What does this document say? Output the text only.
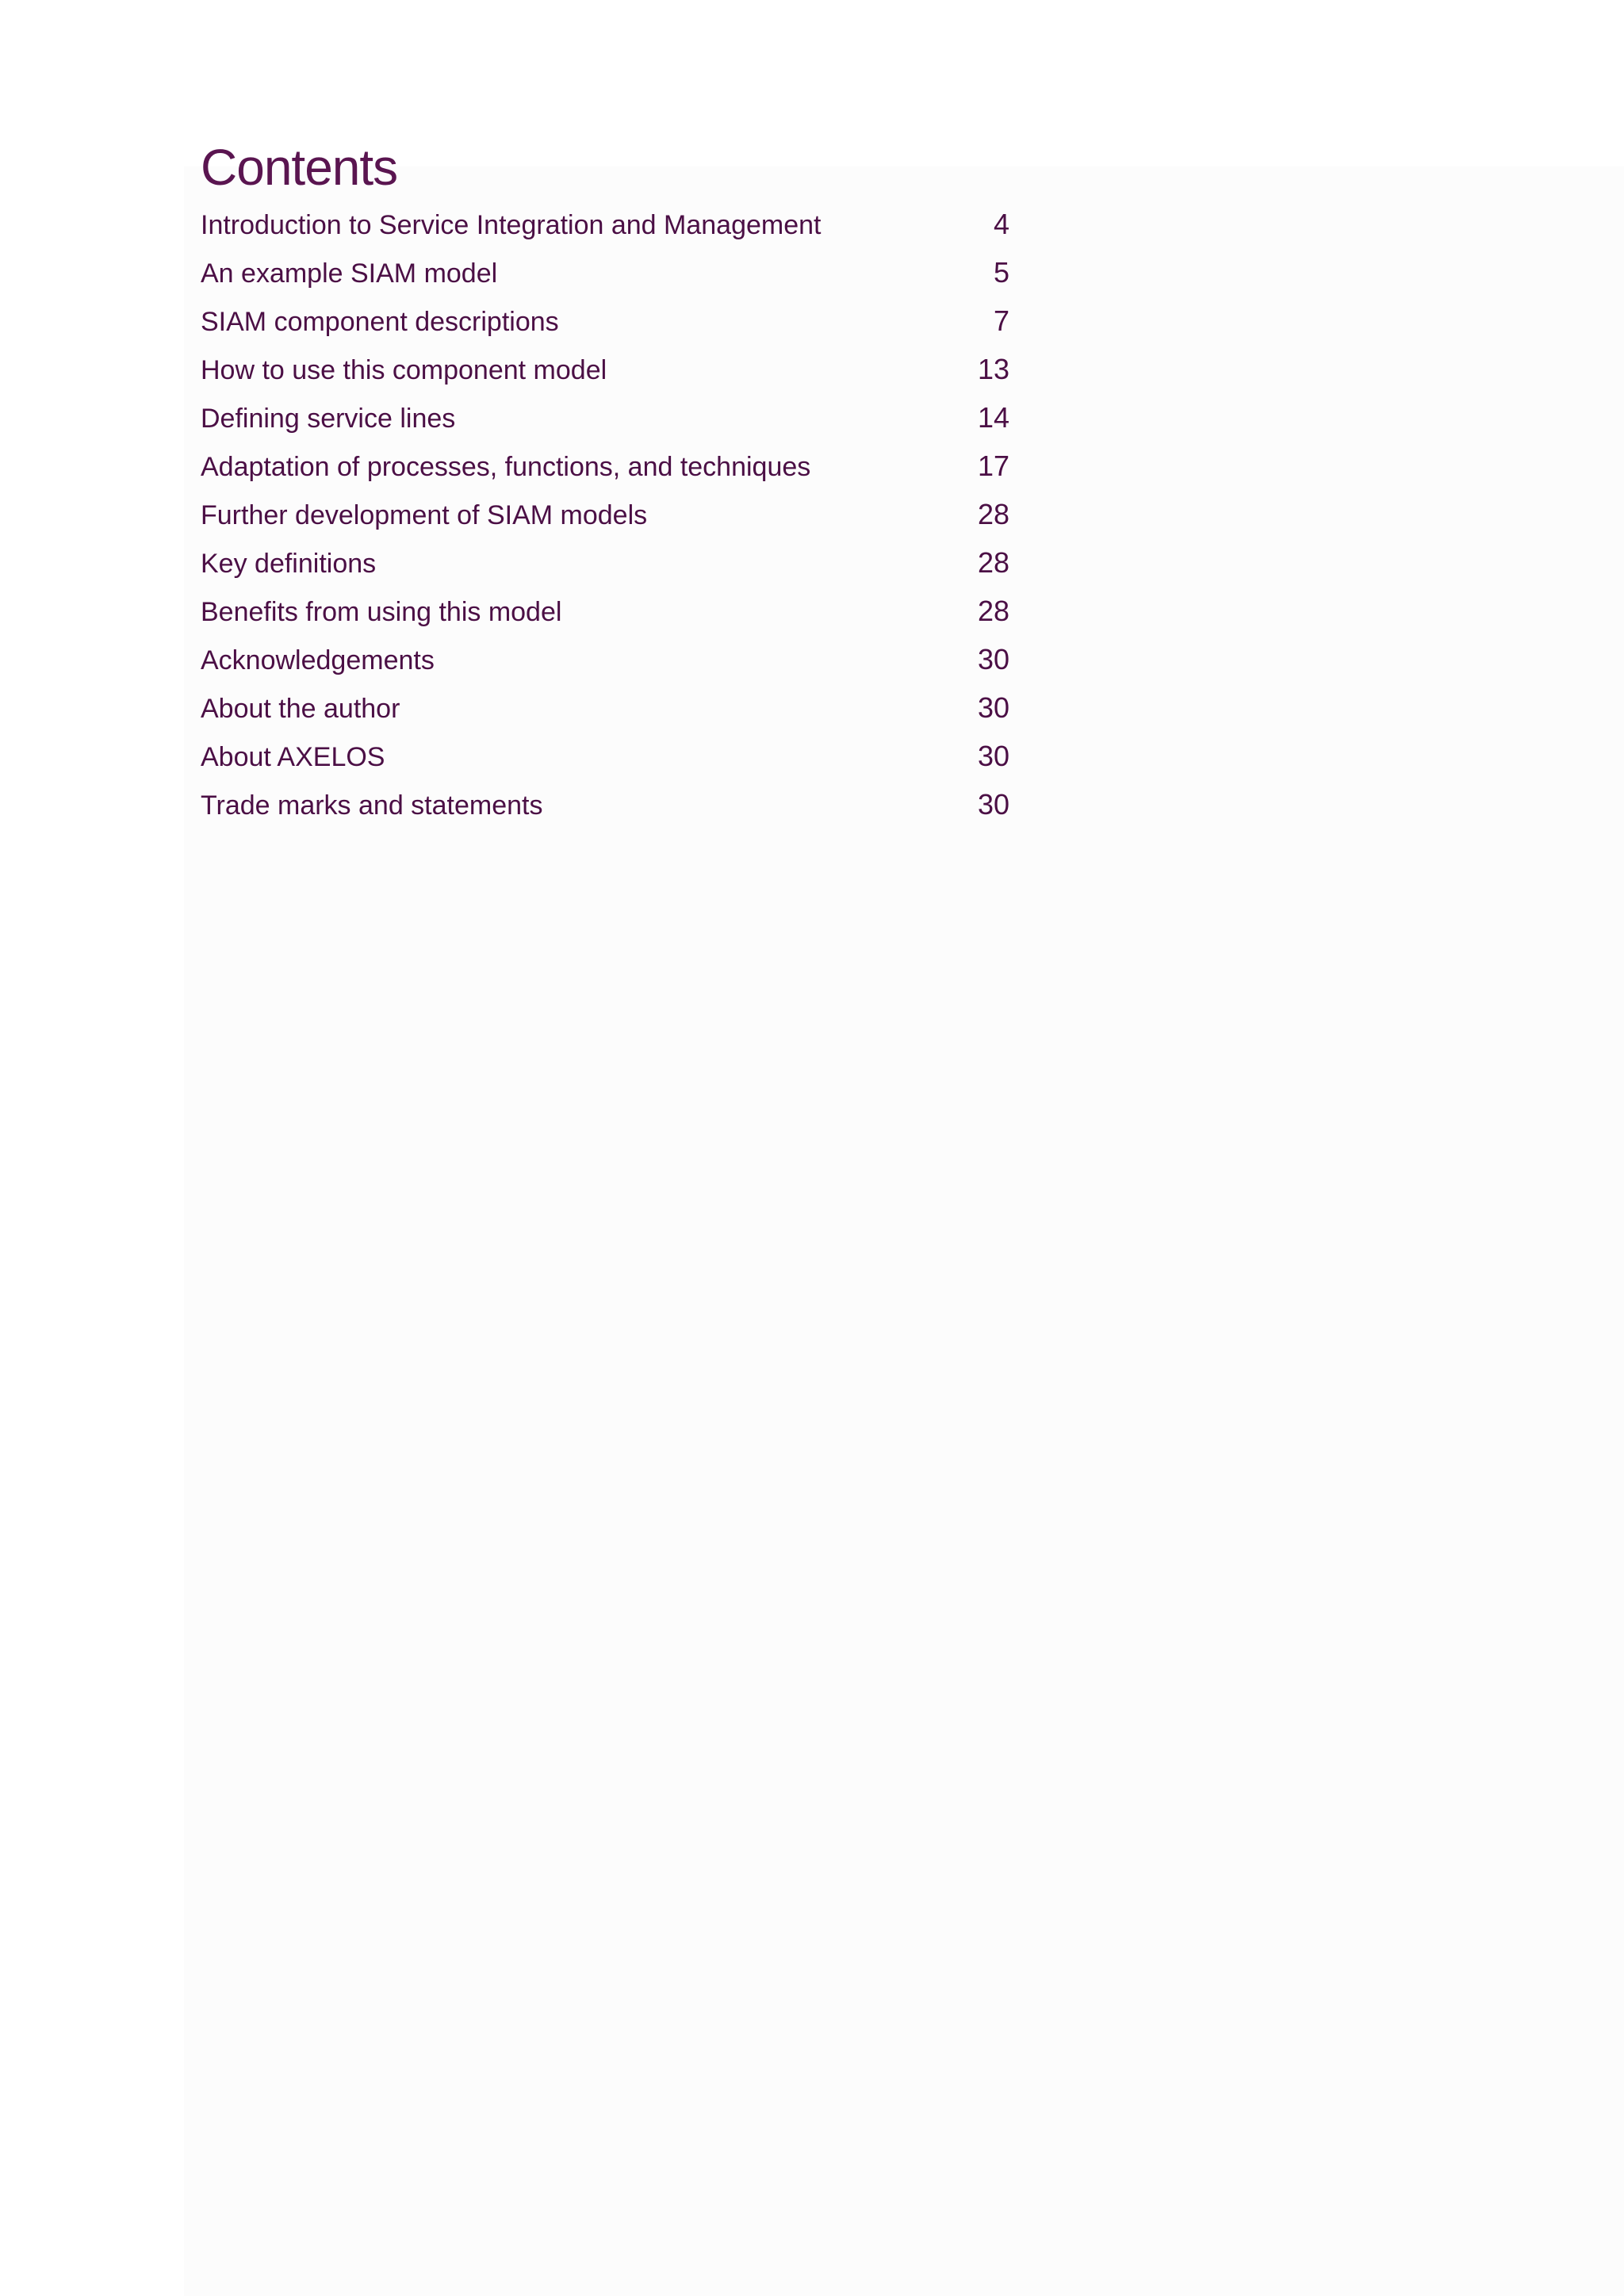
Contents
Introduction to Service Integration and Management	4
An example SIAM model	5
SIAM component descriptions	7
How to use this component model	13
Defining service lines	14
Adaptation of processes, functions, and techniques	17
Further development of SIAM models	28
Key definitions	28
Benefits from using this model	28
Acknowledgements	30
About the author	30
About AXELOS	30
Trade marks and statements	30
